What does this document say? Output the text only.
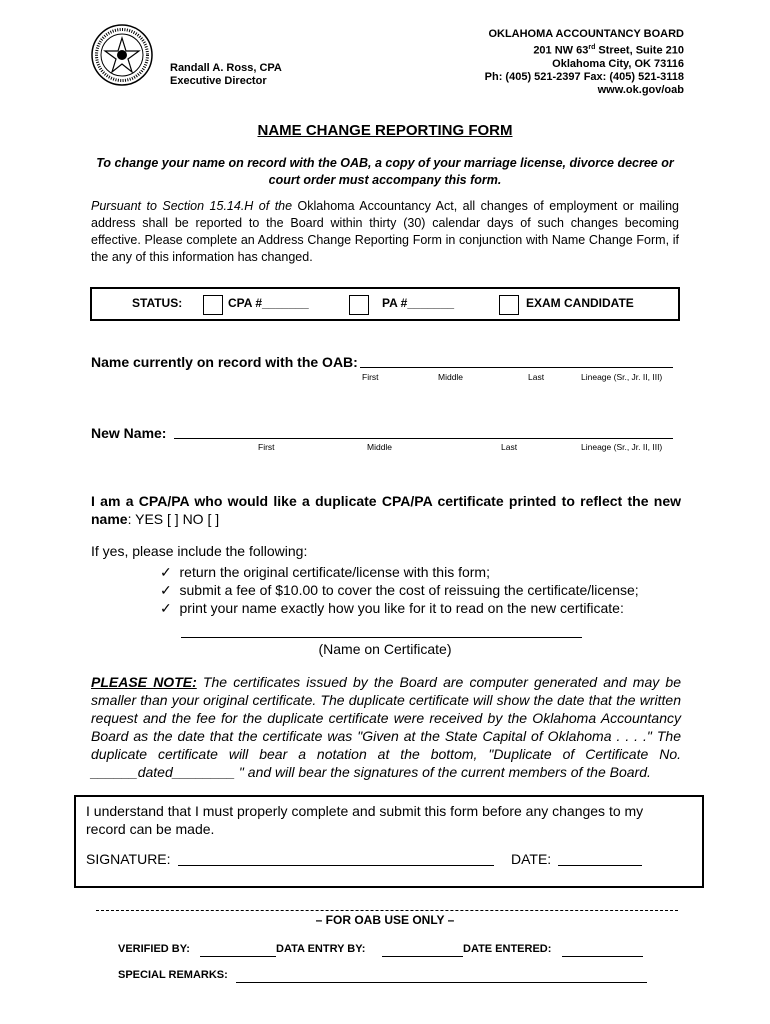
Randall A. Ross, CPA
Executive Director
OKLAHOMA ACCOUNTANCY BOARD
201 NW 63rd Street, Suite 210
Oklahoma City, OK 73116
Ph: (405) 521-2397 Fax: (405) 521-3118
www.ok.gov/oab
NAME CHANGE REPORTING FORM
To change your name on record with the OAB, a copy of your marriage license, divorce decree or
court order must accompany this form.
Pursuant to Section 15.14.H of the Oklahoma Accountancy Act, all changes of employment or mailing address shall be reported to the Board within thirty (30) calendar days of such changes becoming effective. Please complete an Address Change Reporting Form in conjunction with Name Change Form, if the any of this information has changed.
STATUS:	CPA #_______	PA #_______	EXAM CANDIDATE
Name currently on record with the OAB:
First	Middle	Last	Lineage (Sr., Jr. II, III)
New Name:
First	Middle	Last	Lineage (Sr., Jr. II, III)
I am a CPA/PA who would like a duplicate CPA/PA certificate printed to reflect the new
name: YES [ ] NO [ ]
If yes, please include the following:
✓ return the original certificate/license with this form;
✓ submit a fee of $10.00 to cover the cost of reissuing the certificate/license;
✓ print your name exactly how you like for it to read on the new certificate:
(Name on Certificate)
PLEASE NOTE: The certificates issued by the Board are computer generated and may be smaller than your original certificate. The duplicate certificate will show the date that the written request and the fee for the duplicate certificate were received by the Oklahoma Accountancy Board as the date that the certificate was "Given at the State Capital of Oklahoma . . . ." The duplicate certificate will bear a notation at the bottom, "Duplicate of Certificate No. ______dated________ " and will bear the signatures of the current members of the Board.
I understand that I must properly complete and submit this form before any changes to my record can be made.
SIGNATURE:	DATE:
– FOR OAB USE ONLY –
VERIFIED BY:	DATA ENTRY BY:	DATE ENTERED:
SPECIAL REMARKS:
